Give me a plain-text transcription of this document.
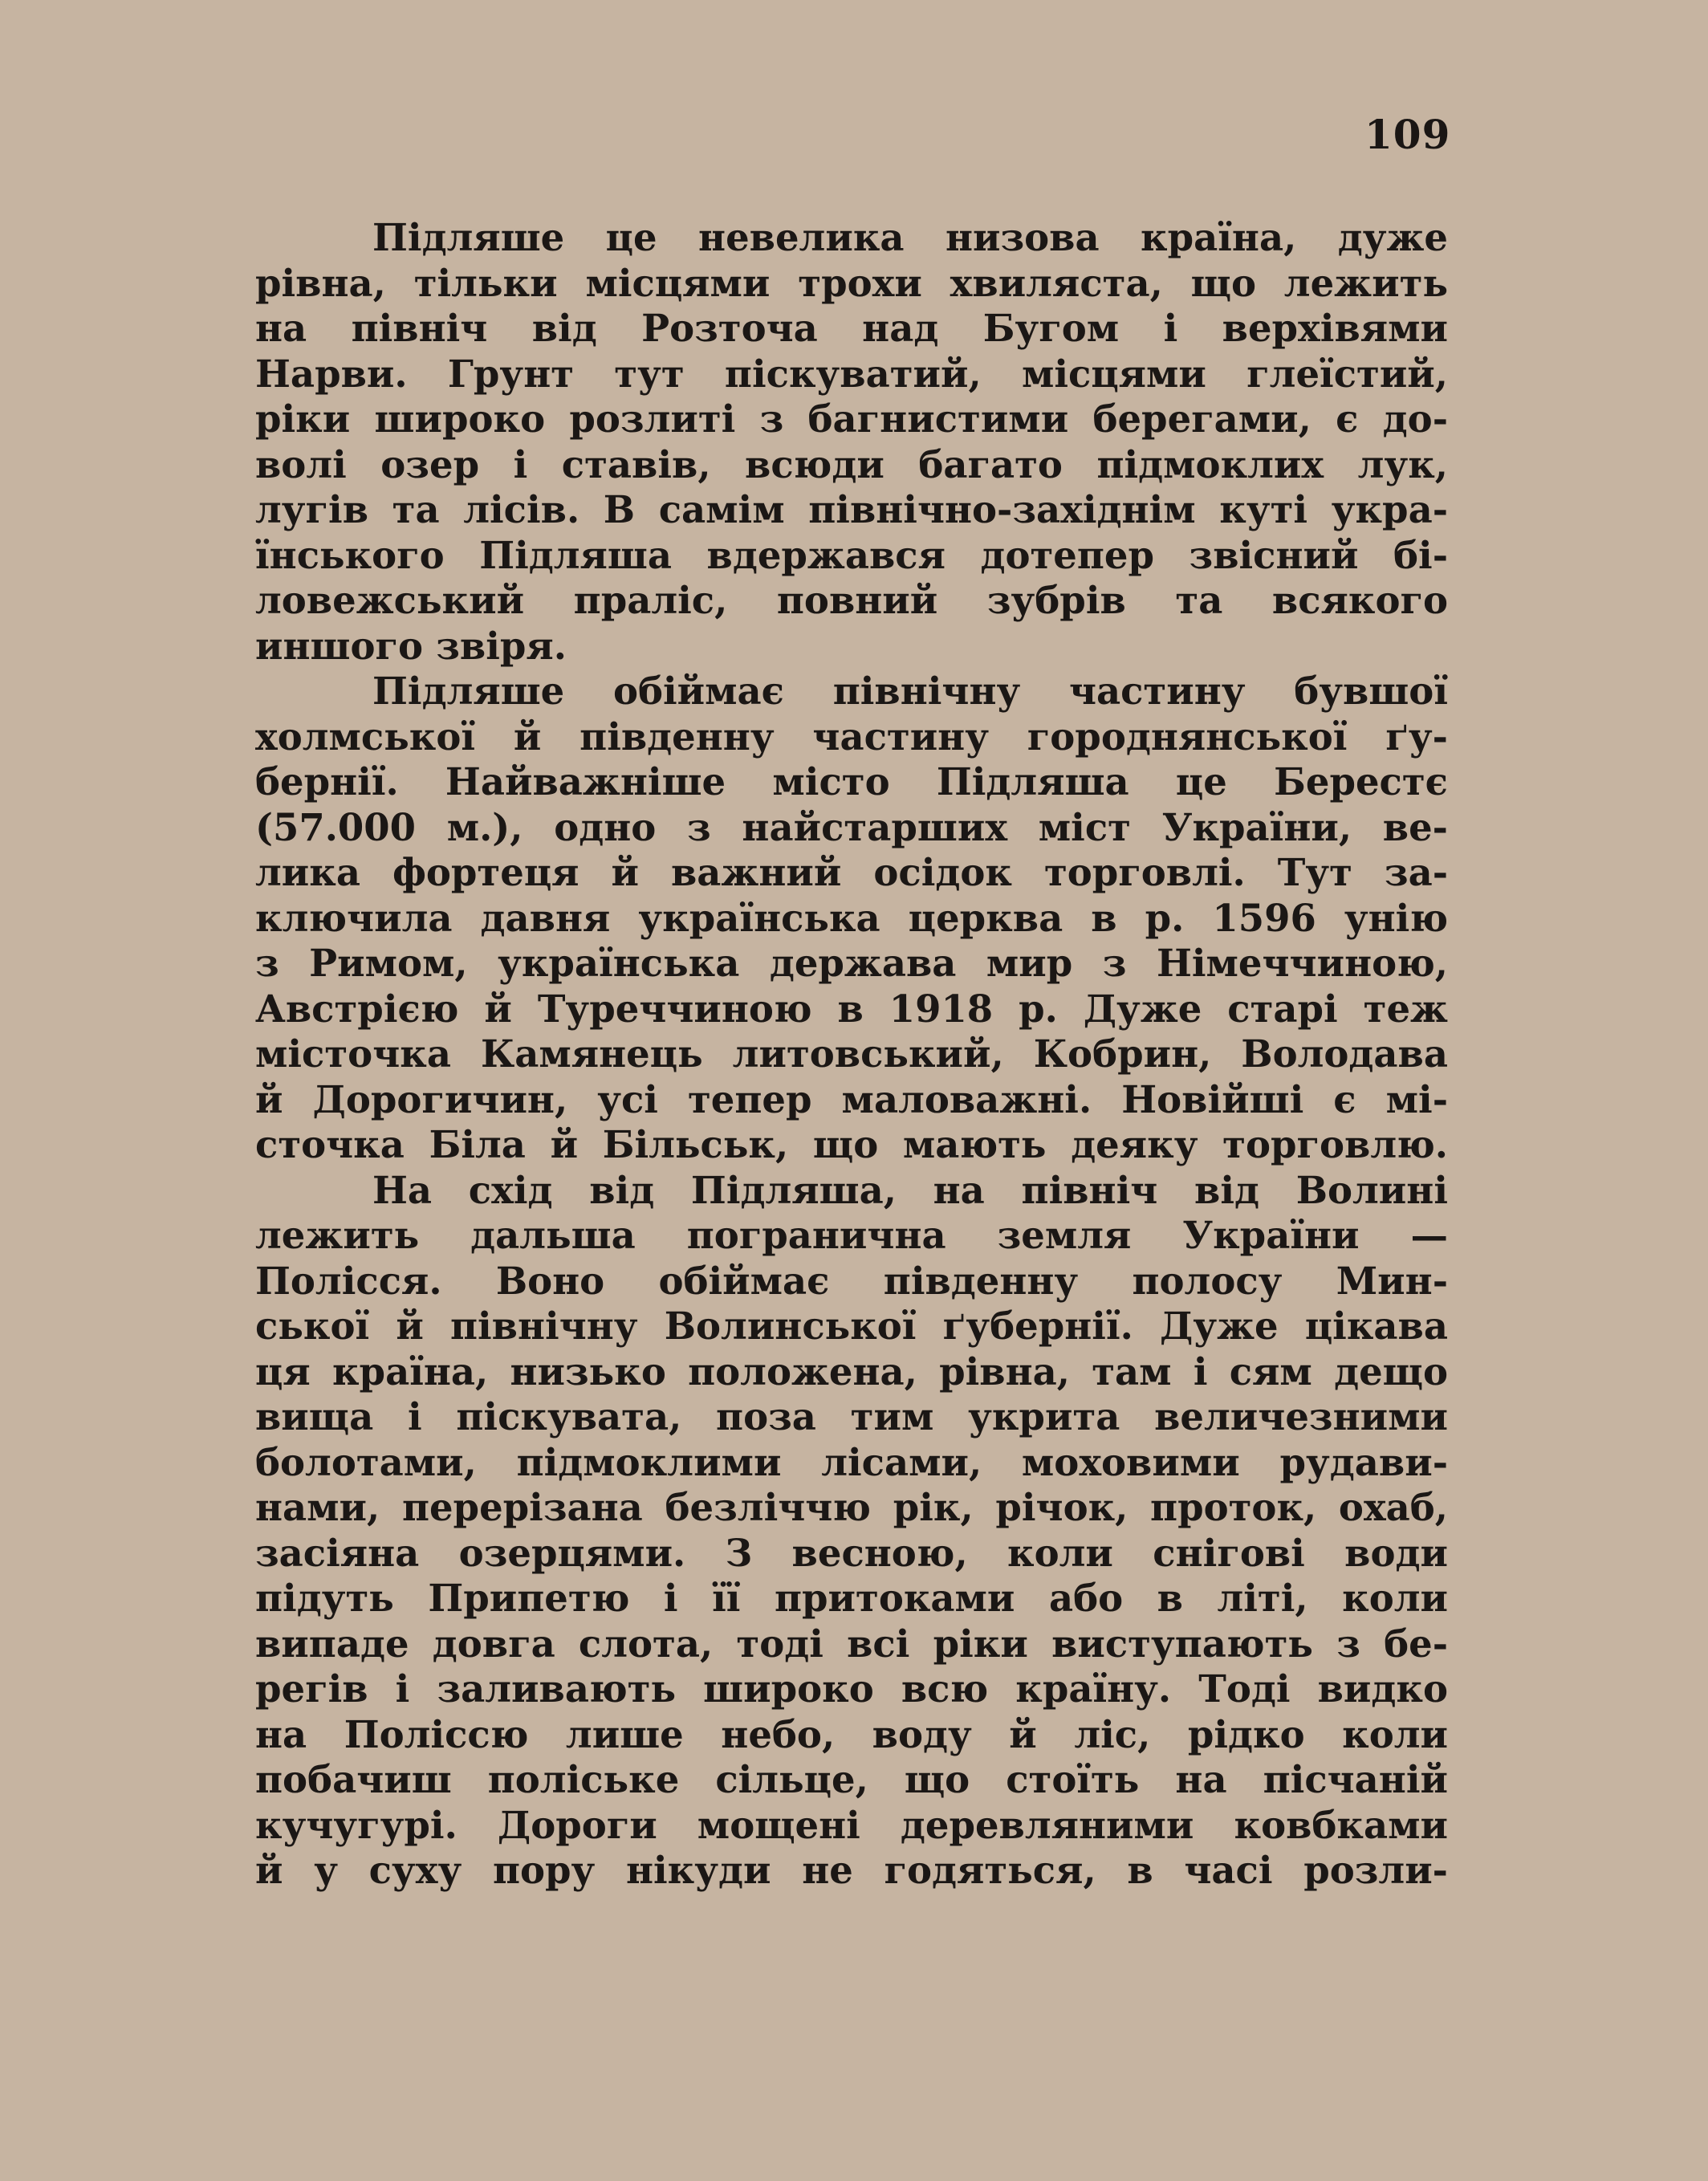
109
Підляше це невелика низова країна, дуже
рівна, тільки місцями трохи хвиляста, що лежить
на північ від Розточа над Бугом і верхівями
Нарви. Грунт тут піскуватий, місцями глеїстий,
ріки широко розлиті з багнистими берегами, є до-
волі озер і ставів, всюди багато підмоклих лук,
лугів та лісів. В самім північно-західнім куті укра-
їнського Підляша вдержався дотепер звісний бі-
ловежський праліс, повний зубрів та всякого
иншого звіря.
Підляше обіймає північну частину бувшої
холмської й південну частину городнянської ґу-
бернії. Найважніше місто Підляша це Берестє
(57.000 м.), одно з найстарших міст України, ве-
лика фортеця й важний осідок торговлі. Тут за-
ключила давня українська церква в р. 1596 унію
з Римом, українська держава мир з Німеччиною,
Австрією й Туреччиною в 1918 р. Дуже старі теж
місточка Камянець литовський, Кобрин, Володава
й Дорогичин, усі тепер маловажні. Новійші є мі-
сточка Біла й Більськ, що мають деяку торговлю.
На схід від Підляша, на північ від Волині
лежить дальша погранична земля України —
Полісся. Воно обіймає південну полосу Мин-
ської й північну Волинської ґубернії. Дуже цікава
ця країна, низько положена, рівна, там і сям дещо
вища і піскувата, поза тим укрита величезними
болотами, підмоклими лісами, моховими рудави-
нами, перерізана безліччю рік, річок, проток, охаб,
засіяна озерцями. З весною, коли снігові води
підуть Припетю і її притоками або в літі, коли
випаде довга слота, тоді всі ріки виступають з бе-
регів і заливають широко всю країну. Тоді видко
на Поліссю лише небо, воду й ліс, рідко коли
побачиш поліське сільце, що стоїть на пісчаній
кучугурі. Дороги мощені деревляними ковбками
й у суху пору нікуди не годяться, в часі розли-
